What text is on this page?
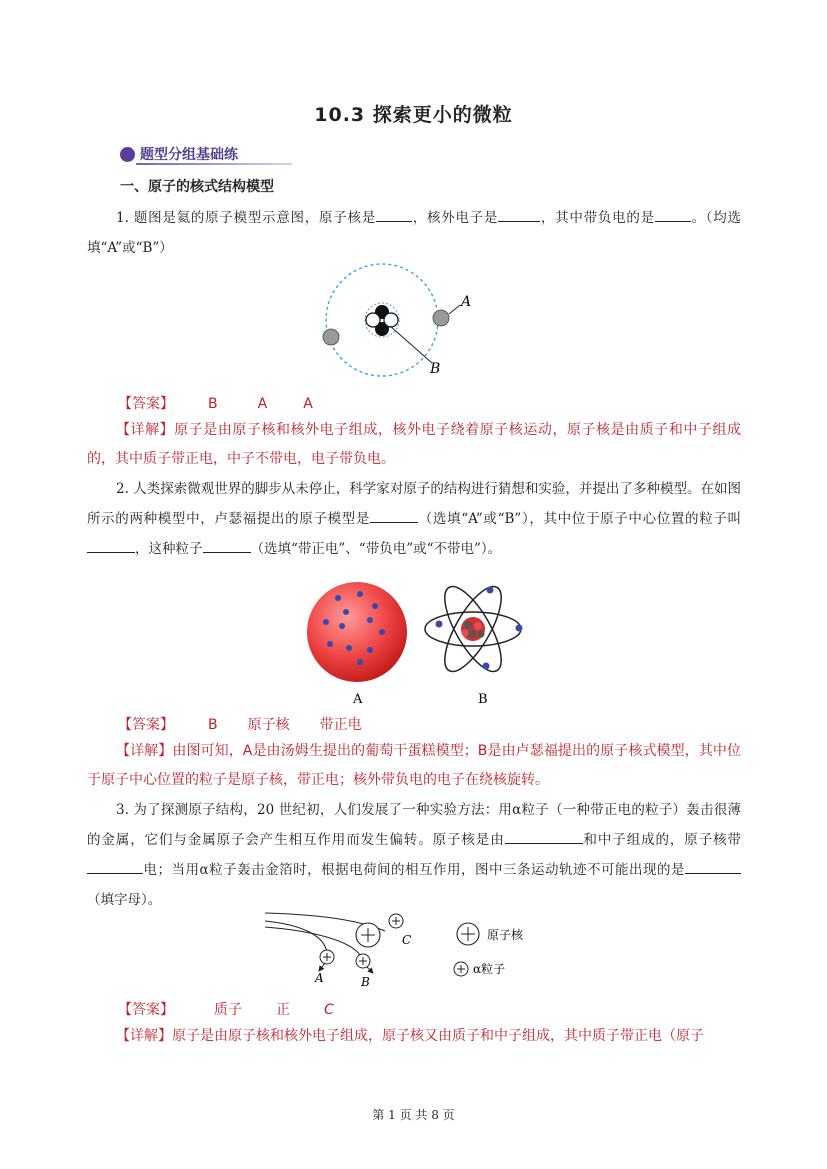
10.3 探索更小的微粒
题型分组基础练
一、原子的核式结构模型
1. 题图是氦的原子模型示意图，原子核是	，核外电子是	，其中带负电的是	。（均选填“A”或“B”）
A
B
【答案】 B	A	A
【详解】原子是由原子核和核外电子组成，核外电子绕着原子核运动，原子核是由质子和中子组成的，其中质子带正电，中子不带电，电子带负电。
2. 人类探索微观世界的脚步从未停止，科学家对原子的结构进行猜想和实验，并提出了多种模型。在如图所示的两种模型中，卢瑟福提出的原子模型是	（选填“A”或“B”），其中位于原子中心位置的粒子叫，这种粒子	（选填“带正电”、“带负电”或“不带电”）。
A	B
【答案】 B 原子核 带正电
【详解】由图可知，A是由汤姆生提出的葡萄干蛋糕模型；B是由卢瑟福提出的原子核式模型，其中位于原子中心位置的粒子是原子核，带正电；核外带负电的电子在绕核旋转。
3. 为了探测原子结构，20 世纪初，人们发展了一种实验方法：用α粒子（一种带正电的粒子）轰击很薄的金属，它们与金属原子会产生相互作用而发生偏转。原子核是由	和中子组成的，原子核带电；当用α粒子轰击金箔时，根据电荷间的相互作用，图中三条运动轨迹不可能出现的是（填字母）。
A	B
C	原子核
α粒子
【答案】	质子 正 C
【详解】原子是由原子核和核外电子组成，原子核又由质子和中子组成，其中质子带正电（原子
第 1 页 共 8 页
